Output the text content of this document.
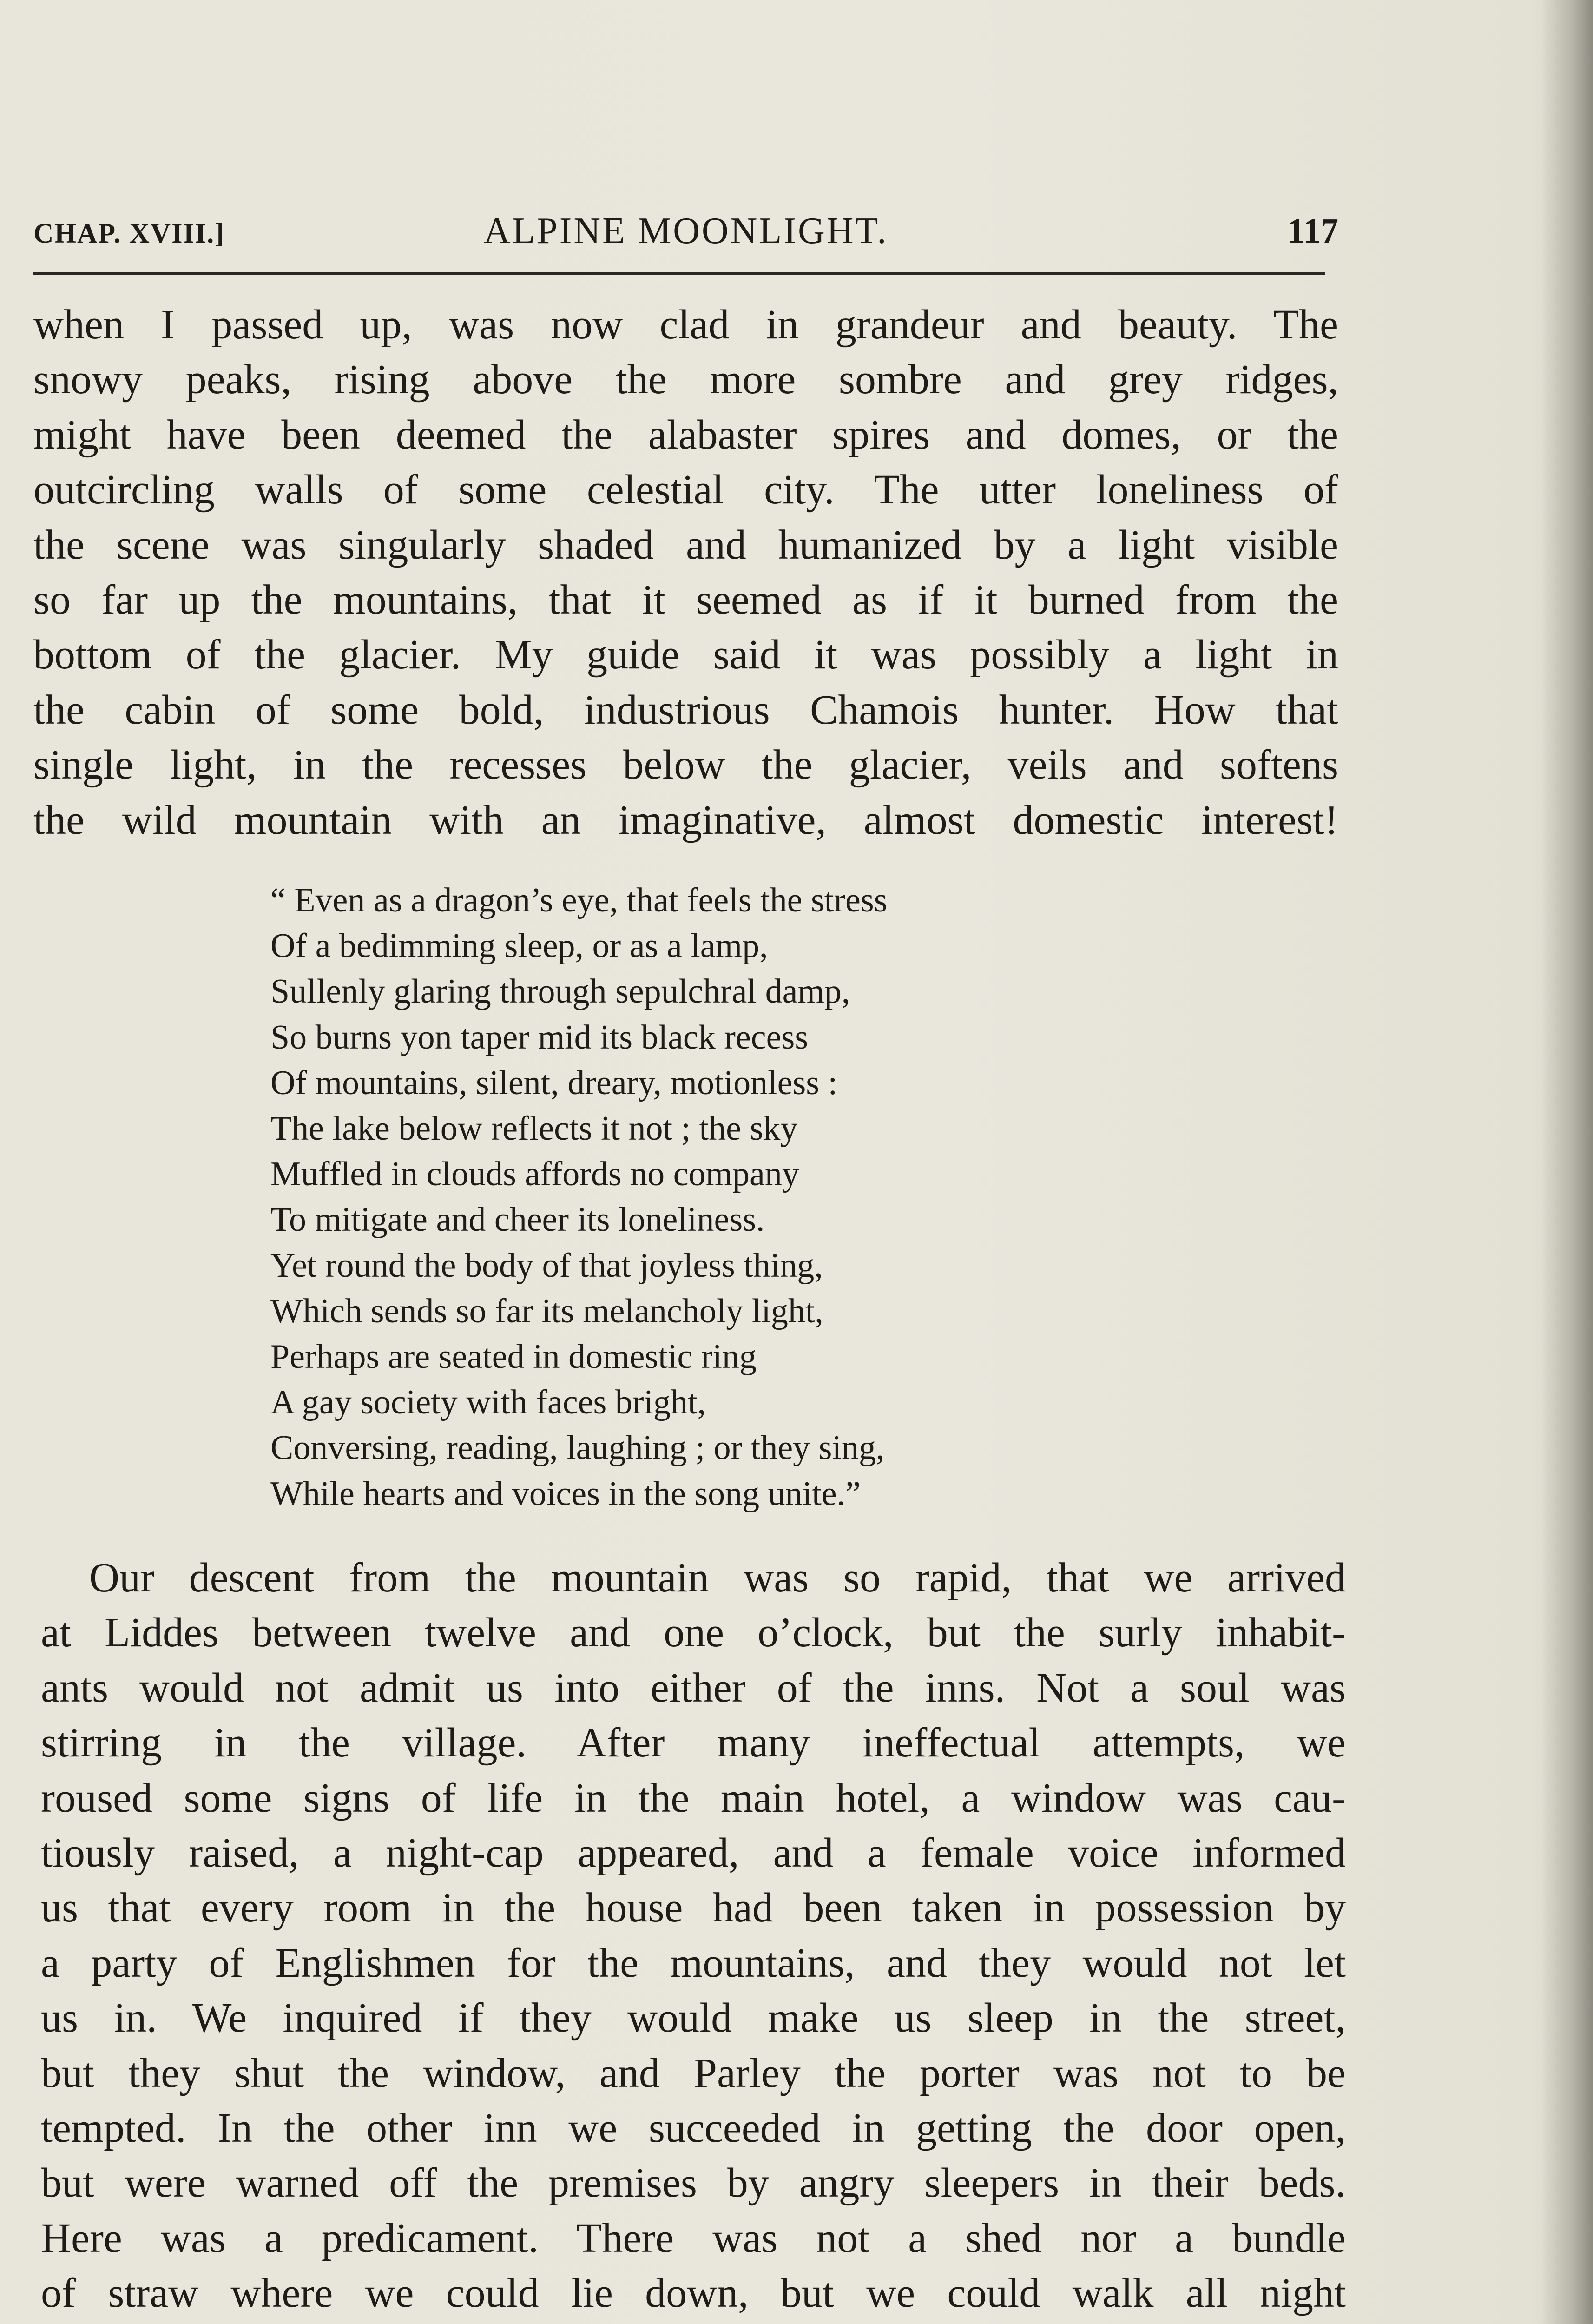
CHAP. XVIII.]	ALPINE MOONLIGHT.	117
when I passed up, was now clad in grandeur and beauty. The
snowy peaks, rising above the more sombre and grey ridges,
might have been deemed the alabaster spires and domes, or the
outcircling walls of some celestial city. The utter loneliness of
the scene was singularly shaded and humanized by a light visible
so far up the mountains, that it seemed as if it burned from the
bottom of the glacier. My guide said it was possibly a light in
the cabin of some bold, industrious Chamois hunter. How that
single light, in the recesses below the glacier, veils and softens
the wild mountain with an imaginative, almost domestic interest!
“ Even as a dragon’s eye, that feels the stress
Of a bedimming sleep, or as a lamp,
Sullenly glaring through sepulchral damp,
So burns yon taper mid its black recess
Of mountains, silent, dreary, motionless :
The lake below reflects it not ; the sky
Muffled in clouds affords no company
To mitigate and cheer its loneliness.
Yet round the body of that joyless thing,
Which sends so far its melancholy light,
Perhaps are seated in domestic ring
A gay society with faces bright,
Conversing, reading, laughing ; or they sing,
While hearts and voices in the song unite.”
Our descent from the mountain was so rapid, that we arrived
at Liddes between twelve and one o’clock, but the surly inhabit-
ants would not admit us into either of the inns. Not a soul was
stirring in the village. After many ineffectual attempts, we
roused some signs of life in the main hotel, a window was cau-
tiously raised, a night-cap appeared, and a female voice informed
us that every room in the house had been taken in possession by
a party of Englishmen for the mountains, and they would not let
us in. We inquired if they would make us sleep in the street,
but they shut the window, and Parley the porter was not to be
tempted. In the other inn we succeeded in getting the door open,
but were warned off the premises by angry sleepers in their beds.
Here was a predicament. There was not a shed nor a bundle
of straw where we could lie down, but we could walk all night
